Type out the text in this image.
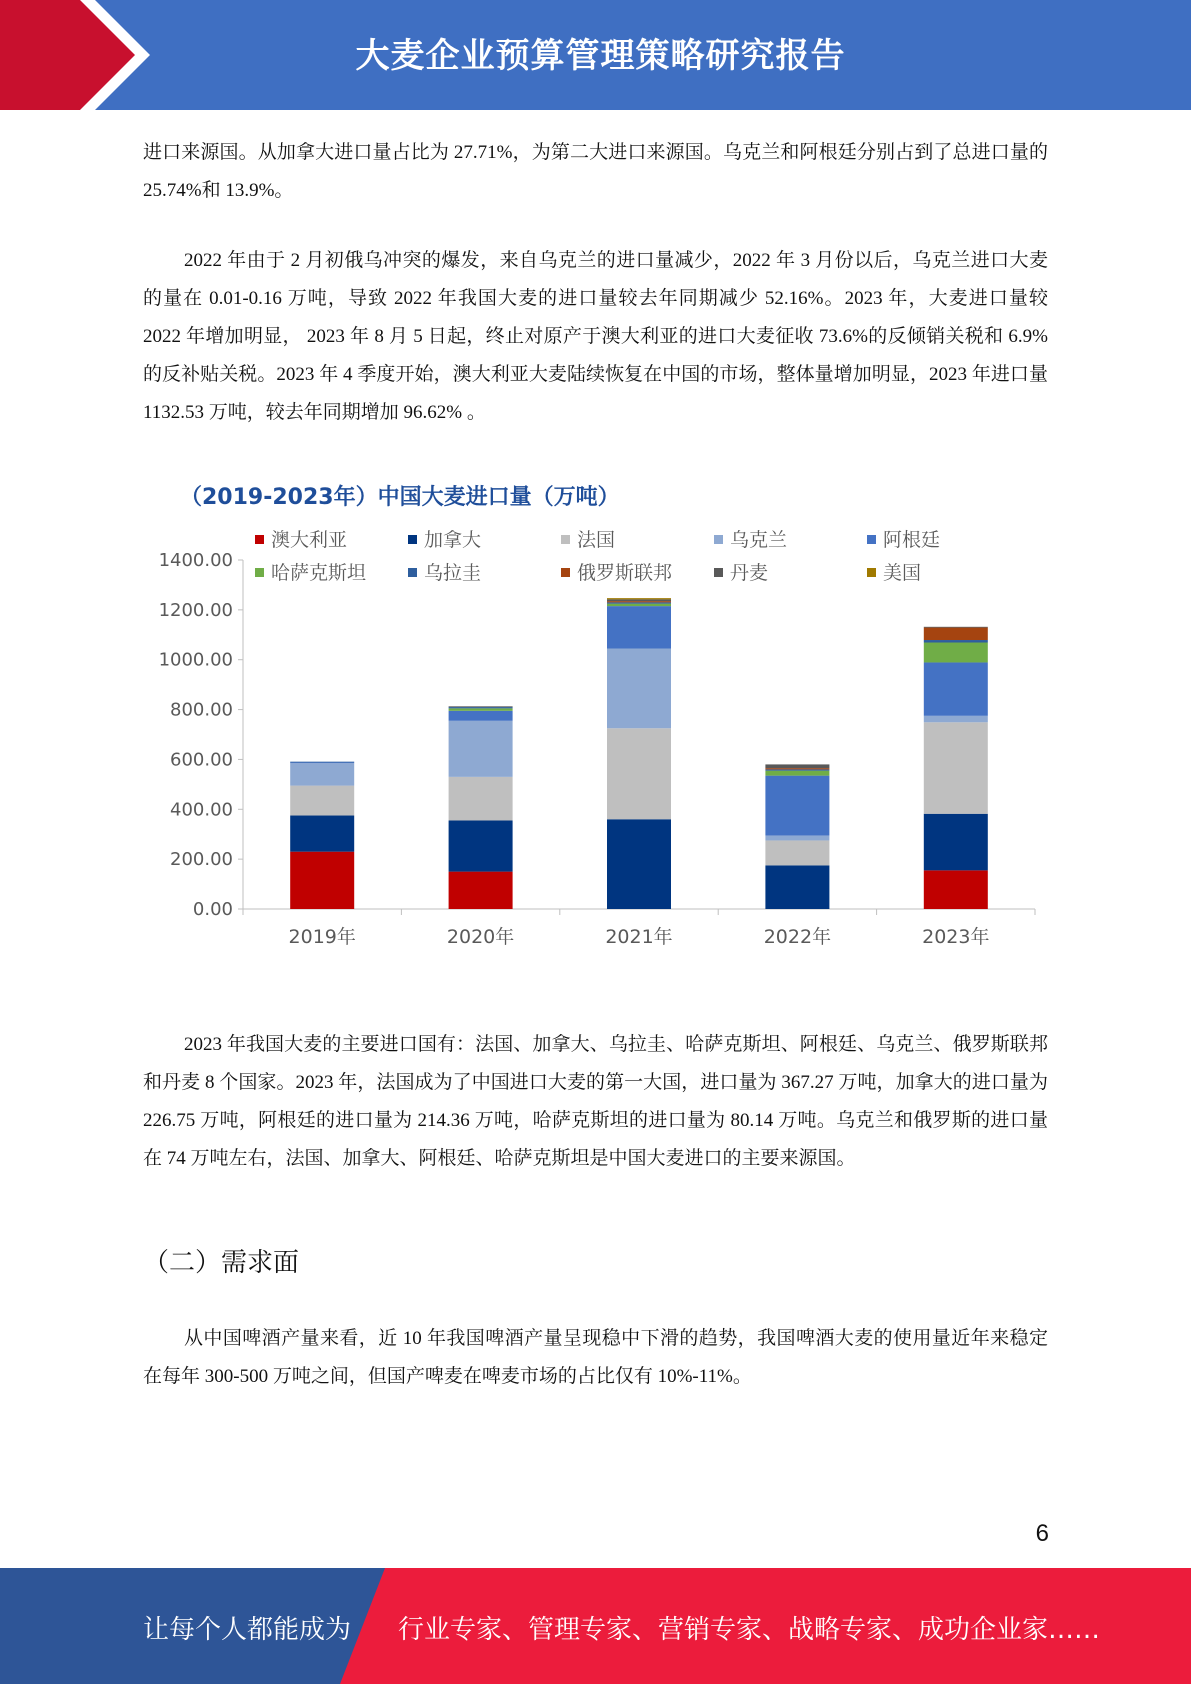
大麦企业预算管理策略研究报告

进口来源国。从加拿大进口量占比为 27.71%，为第二大进口来源国。乌克兰和阿根廷分别占到了总进口量的 25.74%和 13.9%。

2022 年由于 2 月初俄乌冲突的爆发，来自乌克兰的进口量减少，2022 年 3 月份以后，乌克兰进口大麦的量在 0.01-0.16 万吨，导致 2022 年我国大麦的进口量较去年同期减少 52.16%。2023 年，大麦进口量较 2022 年增加明显， 2023 年 8 月 5 日起，终止对原产于澳大利亚的进口大麦征收 73.6%的反倾销关税和 6.9%的反补贴关税。2023 年 4 季度开始，澳大利亚大麦陆续恢复在中国的市场，整体量增加明显，2023 年进口量 1132.53 万吨，较去年同期增加 96.62% 。

（2019-2023年）中国大麦进口量（万吨）
澳大利亚	加拿大	法国	乌克兰	阿根廷
哈萨克斯坦	乌拉圭	俄罗斯联邦	丹麦	美国
0.00
200.00
400.00
600.00
800.00
1000.00
1200.00
1400.00
2019年	2020年	2021年	2022年	2023年

2023 年我国大麦的主要进口国有：法国、加拿大、乌拉圭、哈萨克斯坦、阿根廷、乌克兰、俄罗斯联邦和丹麦 8 个国家。2023 年，法国成为了中国进口大麦的第一大国，进口量为 367.27 万吨，加拿大的进口量为 226.75 万吨，阿根廷的进口量为 214.36 万吨，哈萨克斯坦的进口量为 80.14 万吨。乌克兰和俄罗斯的进口量在 74 万吨左右，法国、加拿大、阿根廷、哈萨克斯坦是中国大麦进口的主要来源国。

（二）需求面

从中国啤酒产量来看，近 10 年我国啤酒产量呈现稳中下滑的趋势，我国啤酒大麦的使用量近年来稳定在每年 300-500 万吨之间，但国产啤麦在啤麦市场的占比仅有 10%-11%。

6
让每个人都能成为 行业专家、管理专家、营销专家、战略专家、成功企业家……
